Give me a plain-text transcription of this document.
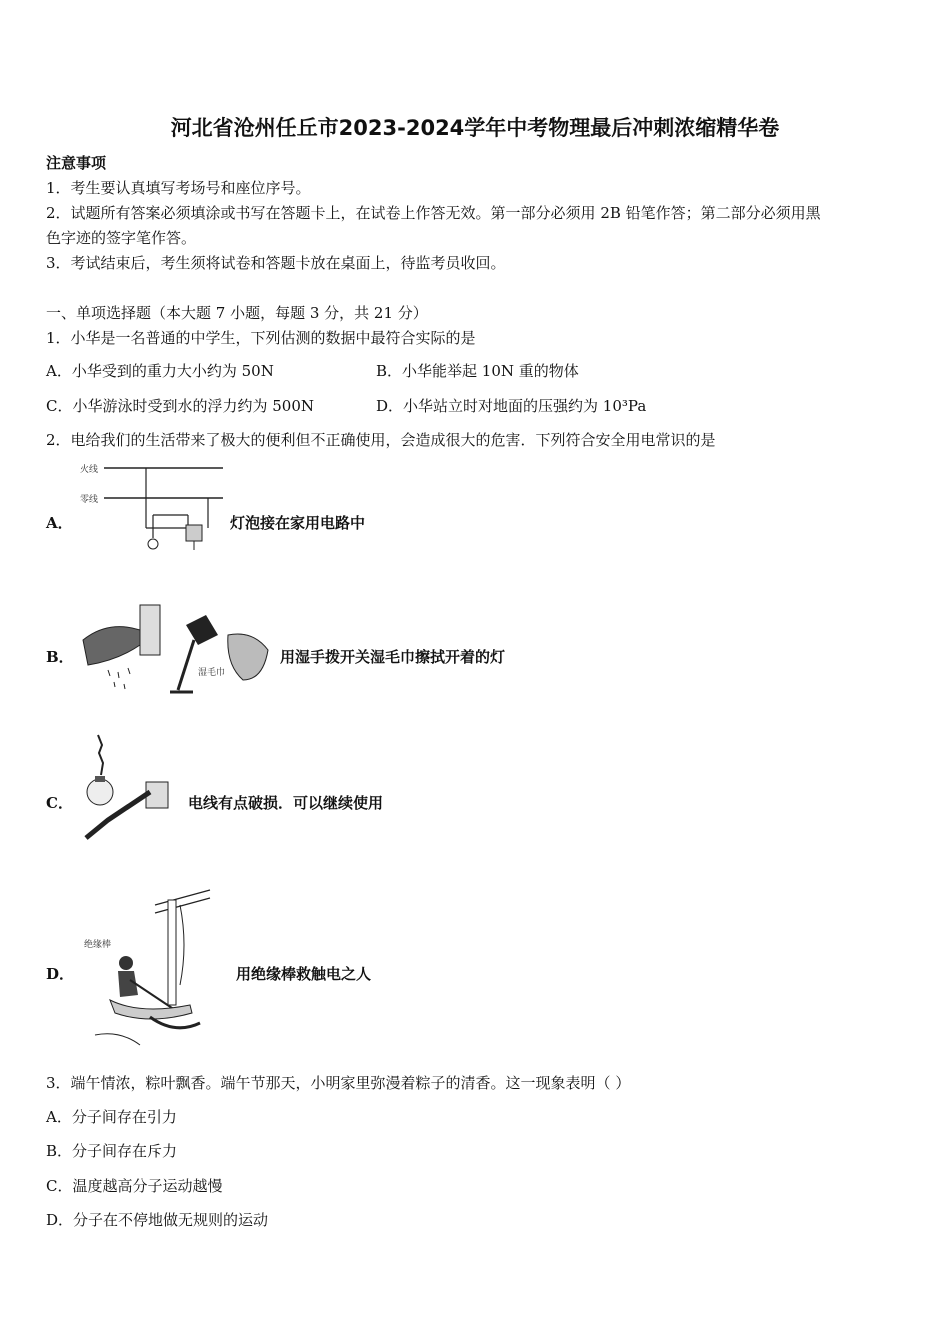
河北省沧州任丘市2023-2024学年中考物理最后冲刺浓缩精华卷
注意事项
1．考生要认真填写考场号和座位序号。
2．试题所有答案必须填涂或书写在答题卡上，在试卷上作答无效。第一部分必须用 2B 铅笔作答；第二部分必须用黑
色字迹的签字笔作答。
3．考试结束后，考生须将试卷和答题卡放在桌面上，待监考员收回。
一、单项选择题（本大题 7 小题，每题 3 分，共 21 分）
1．小华是一名普通的中学生，下列估测的数据中最符合实际的是
A．小华受到的重力大小约为 50N	B．小华能举起 10N 重的物体
C．小华游泳时受到水的浮力约为 500N	D．小华站立时对地面的压强约为 10³Pa
2．电给我们的生活带来了极大的便利但不正确使用，会造成很大的危害．下列符合安全用电常识的是
A．
火线
零线
灯泡接在家用电路中
B．
湿毛巾
用湿手拨开关湿毛巾擦拭开着的灯
C．	电线有点破损．可以继续使用
D．
绝缘棒
用绝缘棒救触电之人
3．端午情浓，粽叶飘香。端午节那天，小明家里弥漫着粽子的清香。这一现象表明（ ）
A．分子间存在引力
B．分子间存在斥力
C．温度越高分子运动越慢
D．分子在不停地做无规则的运动
